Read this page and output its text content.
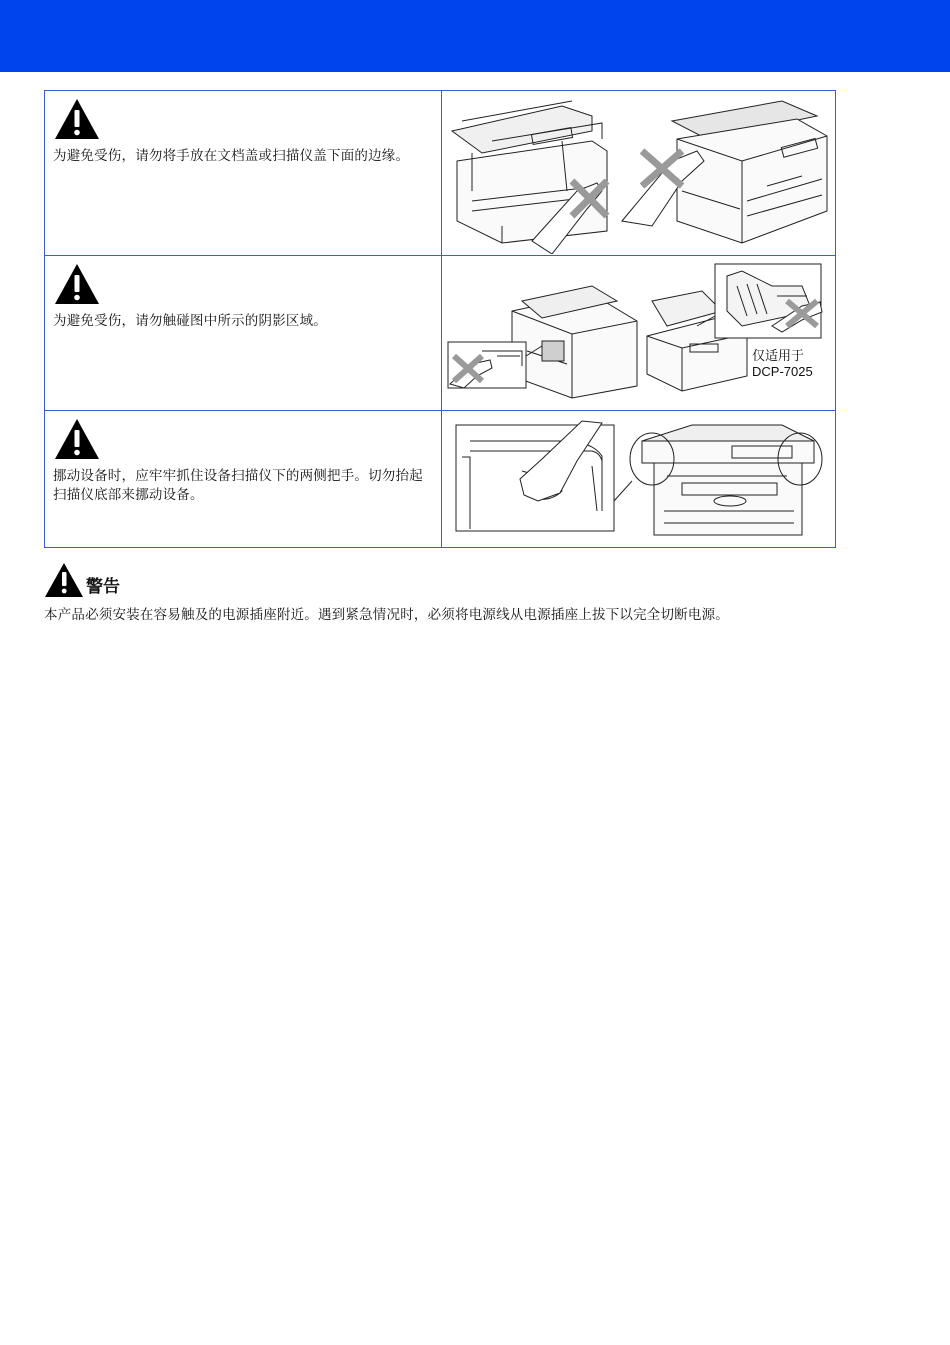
为避免受伤，请勿将手放在文档盖或扫描仪盖下面的边缘。

为避免受伤，请勿触碰图中所示的阴影区域。

仅适用于
DCP-7025

挪动设备时，应牢牢抓住设备扫描仪下的两侧把手。切勿抬起扫描仪底部来挪动设备。

警告

本产品必须安装在容易触及的电源插座附近。遇到紧急情况时，必须将电源线从电源插座上拔下以完全切断电源。
